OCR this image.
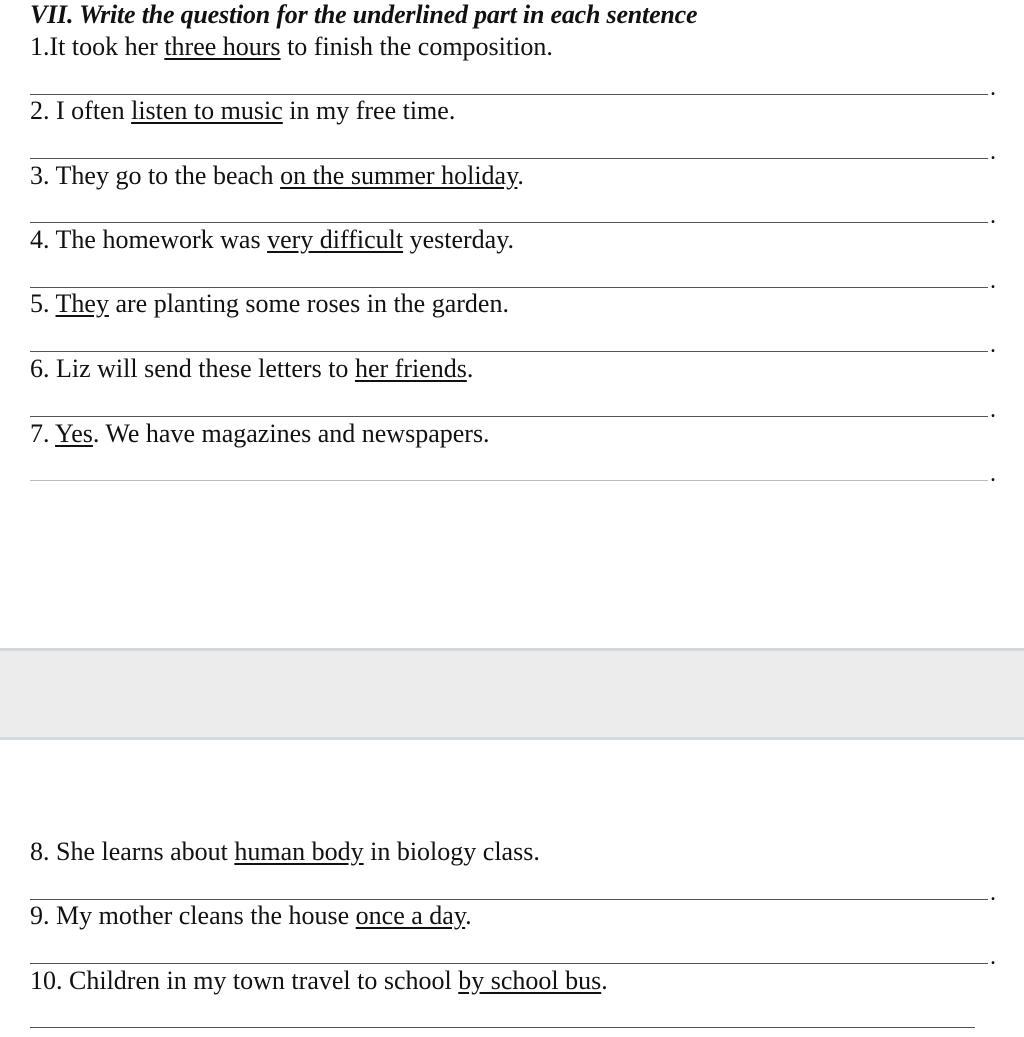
VII. Write the question for the underlined part in each sentence
1.It took her three hours to finish the composition.
.
2. I often listen to music in my free time.
.
3. They go to the beach on the summer holiday.
.
4. The homework was very difficult yesterday.
.
5. They are planting some roses in the garden.
.
6. Liz will send these letters to her friends.
.
7. Yes. We have magazines and newspapers.
.
8. She learns about human body in biology class.
.
9. My mother cleans the house once a day.
.
10. Children in my town travel to school by school bus.
